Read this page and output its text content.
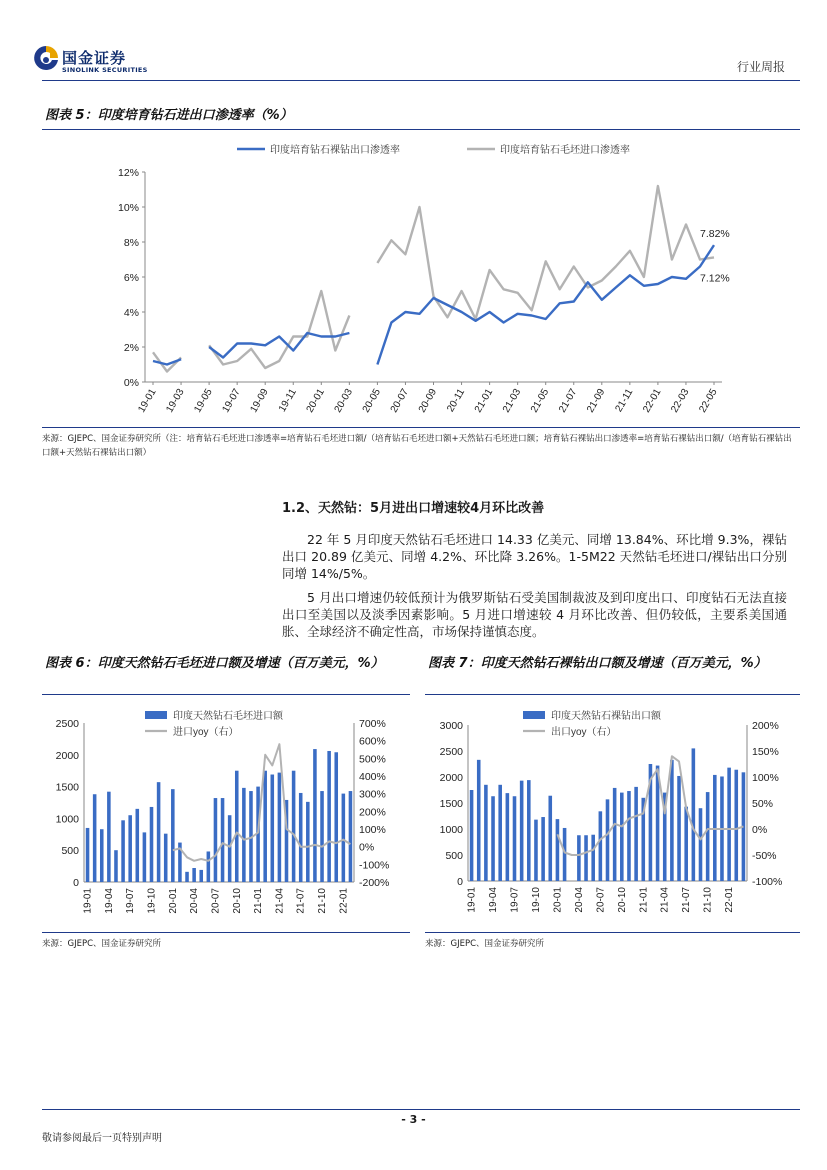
国金证券
SINOLINK SECURITIES	行业周报
图表 5：印度培育钻石进出口渗透率（%）
印度培育钻石裸钻出口渗透率	印度培育钻石毛坯进口渗透率
0%
2%
4%
6%
8%
10%
12%
19-01 19-03 19-05 19-07 19-09 19-11 20-01 20-03 20-05 20-07 20-09 20-11 21-01 21-03 21-05 21-07 21-09 21-11 22-01 22-03 22-05
7.82%
7.12%
来源：GJEPC、国金证券研究所（注：培育钻石毛坯进口渗透率=培育钻石毛坯进口额/（培育钻石毛坯进口额+天然钻石毛坯进口额；培育钻石裸钻出口渗透率=培育钻石裸钻出口额/（培育钻石裸钻出口额+天然钻石裸钻出口额）
1.2、天然钻：5月进出口增速较4月环比改善
22 年 5 月印度天然钻石毛坯进口 14.33 亿美元、同增 13.84%、环比增 9.3%，裸钻出口 20.89 亿美元、同增 4.2%、环比降 3.26%。1-5M22 天然钻毛坯进口/裸钻出口分别同增 14%/5%。
5 月出口增速仍较低预计为俄罗斯钻石受美国制裁波及到印度出口、印度钻石无法直接出口至美国以及淡季因素影响。5 月进口增速较 4 月环比改善、但仍较低，主要系美国通胀、全球经济不确定性高，市场保持谨慎态度。
图表 6：印度天然钻石毛坯进口额及增速（百万美元，%）
印度天然钻石毛坯进口额
进口yoy（右）
0
500
1000
1500
2000
2500
-200%
-100%
0%
100%
200%
300%
400%
500%
600%
700%
19-01 19-04 19-07 19-10 20-01 20-04 20-07 20-10 21-01 21-04 21-07 21-10 22-01
来源：GJEPC、国金证券研究所
图表 7：印度天然钻石裸钻出口额及增速（百万美元，%）
印度天然钻石裸钻出口额
出口yoy（右）
0
500
1000
1500
2000
2500
3000
-100%
-50%
0%
50%
100%
150%
200%
19-01 19-04 19-07 19-10 20-01 20-04 20-07 20-10 21-01 21-04 21-07 21-10 22-01
来源：GJEPC、国金证券研究所
- 3 -
敬请参阅最后一页特别声明
